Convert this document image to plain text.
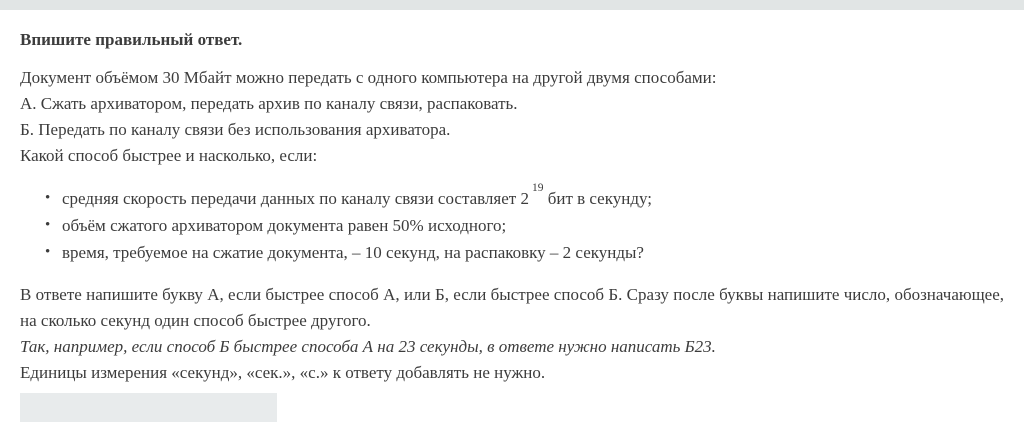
Впишите правильный ответ.

Документ объёмом 30 Мбайт можно передать с одного компьютера на другой двумя способами:
А. Сжать архиватором, передать архив по каналу связи, распаковать.
Б. Передать по каналу связи без использования архиватора.
Какой способ быстрее и насколько, если:

• средняя скорость передачи данных по каналу связи составляет $2^{19}$ бит в секунду;
• объём сжатого архиватором документа равен 50% исходного;
• время, требуемое на сжатие документа, – 10 секунд, на распаковку – 2 секунды?

В ответе напишите букву А, если быстрее способ А, или Б, если быстрее способ Б. Сразу после буквы напишите число, обозначающее, на сколько секунд один способ быстрее другого.
Так, например, если способ Б быстрее способа А на 23 секунды, в ответе нужно написать Б23.
Единицы измерения «секунд», «сек.», «с.» к ответу добавлять не нужно.
